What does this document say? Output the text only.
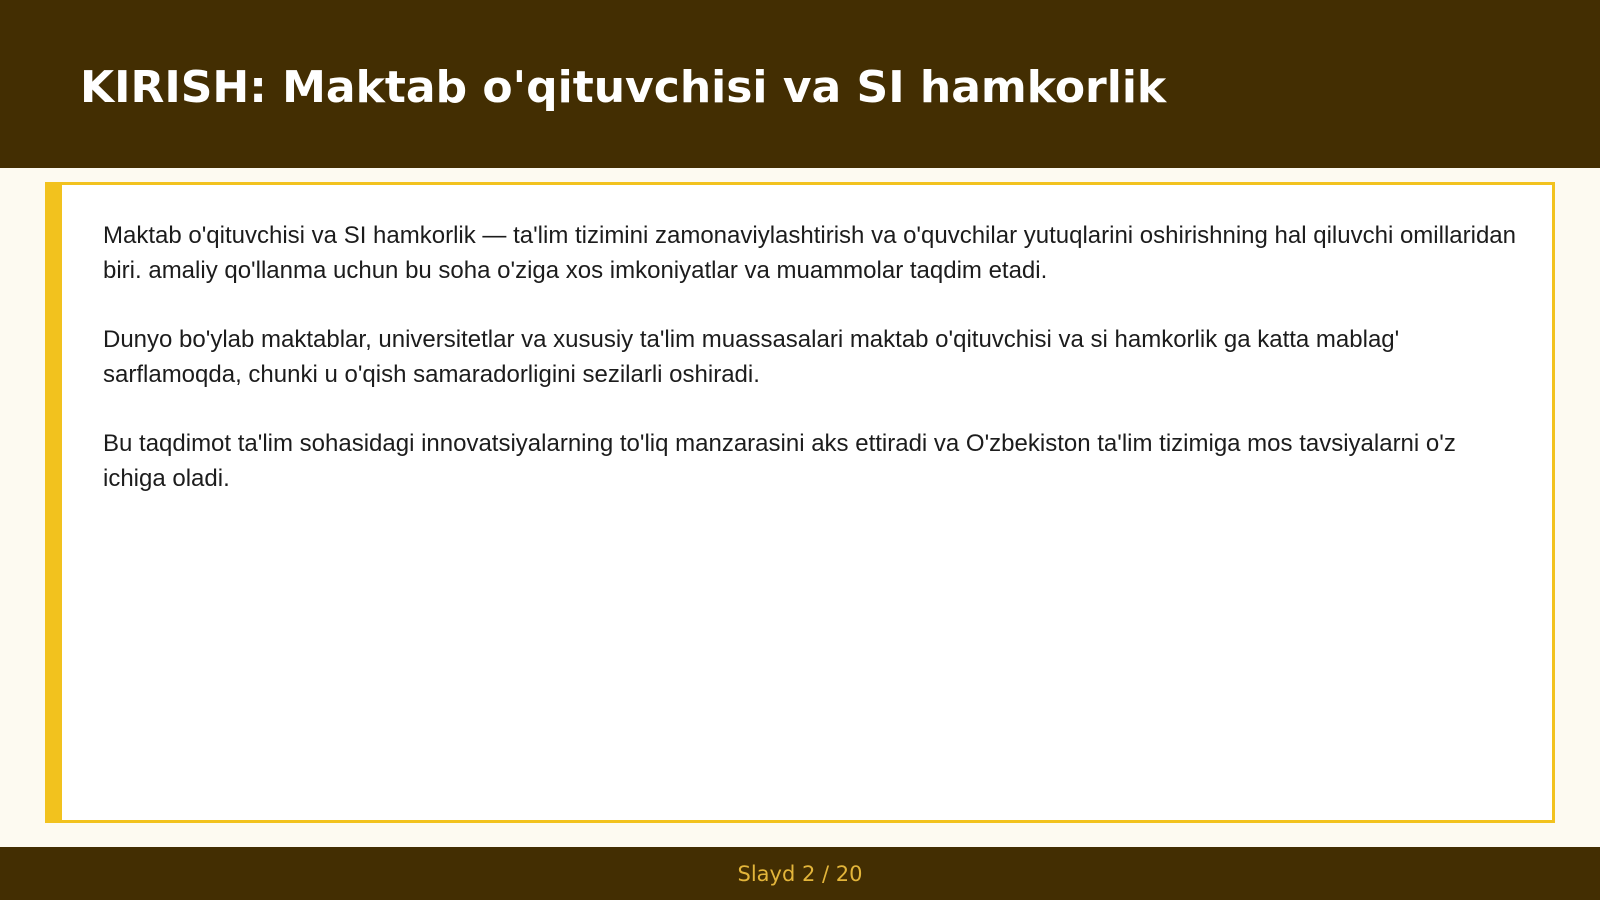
KIRISH: Maktab o'qituvchisi va SI hamkorlik

Maktab o'qituvchisi va SI hamkorlik — ta'lim tizimini zamonaviylashtirish va o'quvchilar yutuqlarini oshirishning hal qiluvchi omillaridan biri. amaliy qo'llanma uchun bu soha o'ziga xos imkoniyatlar va muammolar taqdim etadi.

Dunyo bo'ylab maktablar, universitetlar va xususiy ta'lim muassasalari maktab o'qituvchisi va si hamkorlik ga katta mablag' sarflamoqda, chunki u o'qish samaradorligini sezilarli oshiradi.

Bu taqdimot ta'lim sohasidagi innovatsiyalarning to'liq manzarasini aks ettiradi va O'zbekiston ta'lim tizimiga mos tavsiyalarni o'z ichiga oladi.

Slayd 2 / 20
